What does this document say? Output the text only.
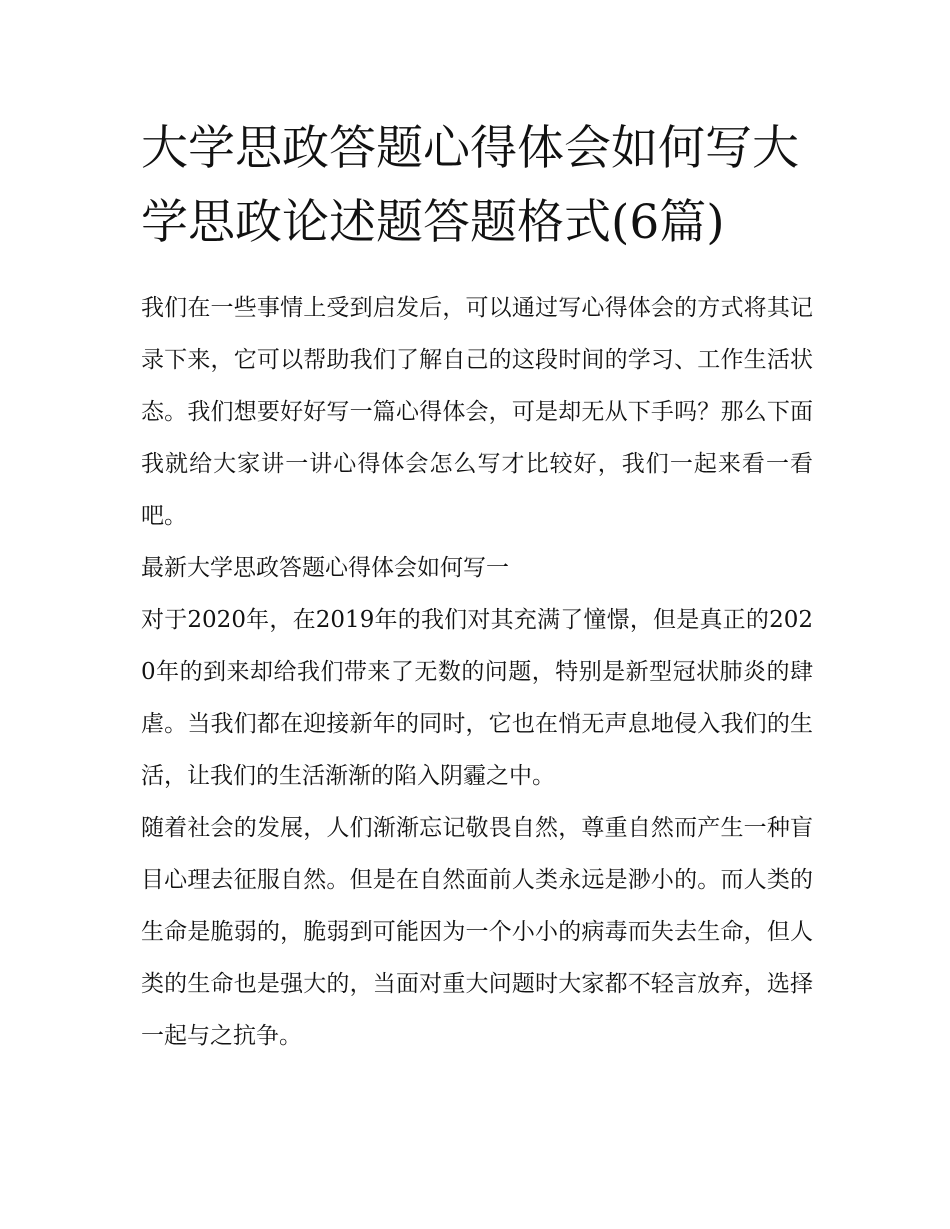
大学思政答题心得体会如何写大学思政论述题答题格式(6篇)

我们在一些事情上受到启发后，可以通过写心得体会的方式将其记录下来，它可以帮助我们了解自己的这段时间的学习、工作生活状态。我们想要好好写一篇心得体会，可是却无从下手吗？那么下面我就给大家讲一讲心得体会怎么写才比较好，我们一起来看一看吧。

最新大学思政答题心得体会如何写一

对于2020年，在2019年的我们对其充满了憧憬，但是真正的2020年的到来却给我们带来了无数的问题，特别是新型冠状肺炎的肆虐。当我们都在迎接新年的同时，它也在悄无声息地侵入我们的生活，让我们的生活渐渐的陷入阴霾之中。

随着社会的发展，人们渐渐忘记敬畏自然，尊重自然而产生一种盲目心理去征服自然。但是在自然面前人类永远是渺小的。而人类的生命是脆弱的，脆弱到可能因为一个小小的病毒而失去生命，但人类的生命也是强大的，当面对重大问题时大家都不轻言放弃，选择一起与之抗争。
